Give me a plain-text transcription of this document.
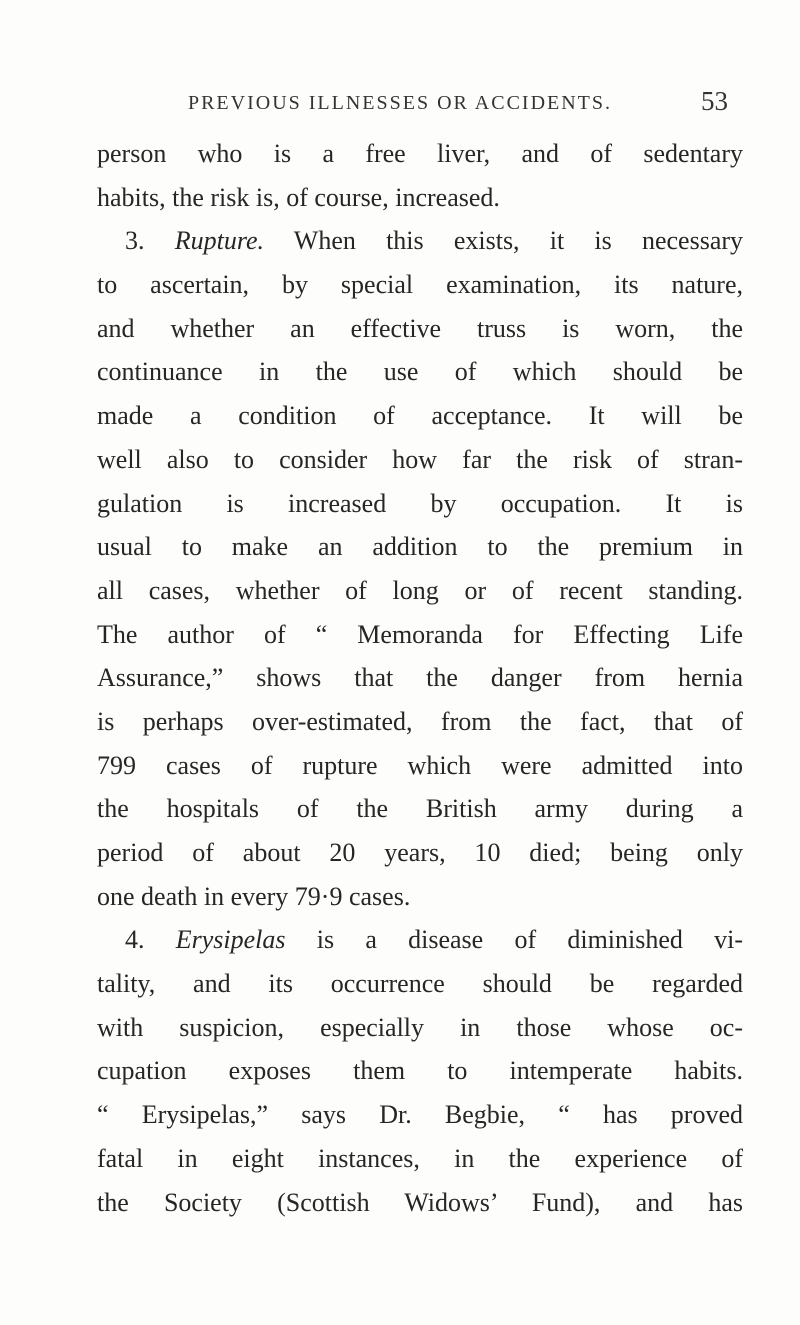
PREVIOUS ILLNESSES OR ACCIDENTS.	53
person who is a free liver, and of sedentary
habits, the risk is, of course, increased.
3. Rupture. When this exists, it is necessary
to ascertain, by special examination, its nature,
and whether an effective truss is worn, the
continuance in the use of which should be
made a condition of acceptance. It will be
well also to consider how far the risk of stran-
gulation is increased by occupation. It is
usual to make an addition to the premium in
all cases, whether of long or of recent standing.
The author of “ Memoranda for Effecting Life
Assurance,” shows that the danger from hernia
is perhaps over-estimated, from the fact, that of
799 cases of rupture which were admitted into
the hospitals of the British army during a
period of about 20 years, 10 died; being only
one death in every 79·9 cases.
4. Erysipelas is a disease of diminished vi-
tality, and its occurrence should be regarded
with suspicion, especially in those whose oc-
cupation exposes them to intemperate habits.
“ Erysipelas,” says Dr. Begbie, “ has proved
fatal in eight instances, in the experience of
the Society (Scottish Widows’ Fund), and has
